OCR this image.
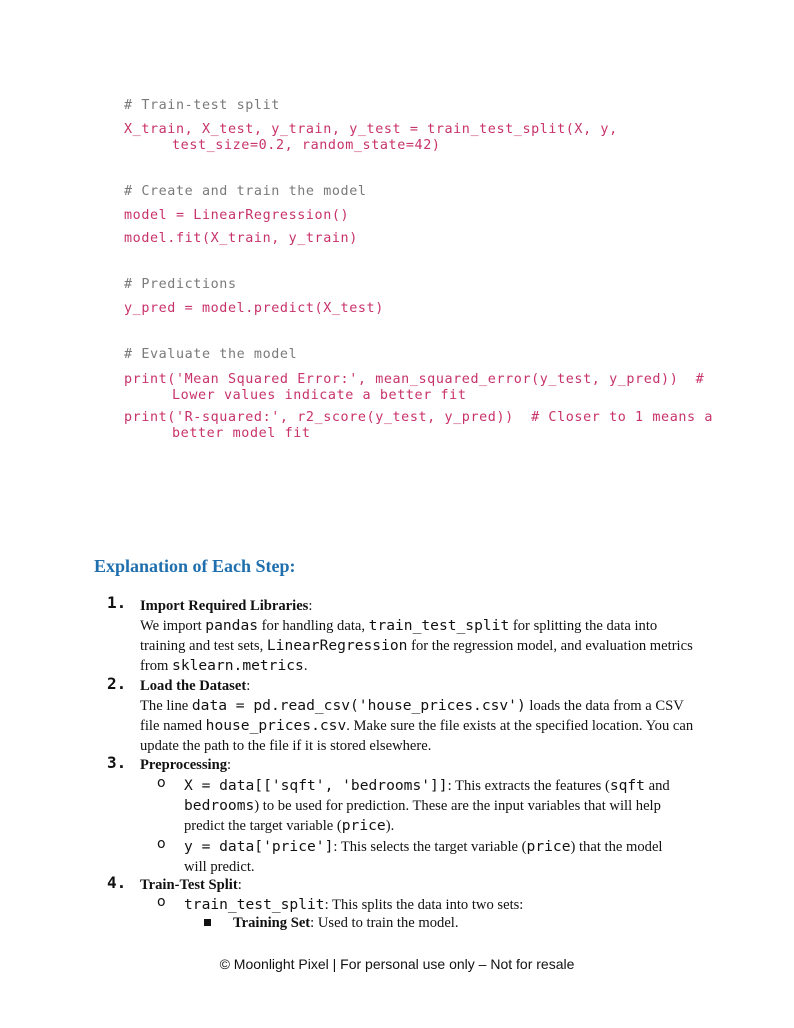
# Train-test split
X_train, X_test, y_train, y_test = train_test_split(X, y,
test_size=0.2, random_state=42)
# Create and train the model
model = LinearRegression()
model.fit(X_train, y_train)
# Predictions
y_pred = model.predict(X_test)
# Evaluate the model
print('Mean Squared Error:', mean_squared_error(y_test, y_pred))  #
Lower values indicate a better fit
print('R-squared:', r2_score(y_test, y_pred))  # Closer to 1 means a
better model fit
Explanation of Each Step:
1. Import Required Libraries:
We import pandas for handling data, train_test_split for splitting the data into training and test sets, LinearRegression for the regression model, and evaluation metrics from sklearn.metrics.
2. Load the Dataset:
The line data = pd.read_csv('house_prices.csv') loads the data from a CSV file named house_prices.csv. Make sure the file exists at the specified location. You can update the path to the file if it is stored elsewhere.
3. Preprocessing:
o X = data[['sqft', 'bedrooms']]: This extracts the features (sqft and bedrooms) to be used for prediction. These are the input variables that will help predict the target variable (price).
o y = data['price']: This selects the target variable (price) that the model will predict.
4. Train-Test Split:
o train_test_split: This splits the data into two sets:
Training Set: Used to train the model.
© Moonlight Pixel | For personal use only – Not for resale
